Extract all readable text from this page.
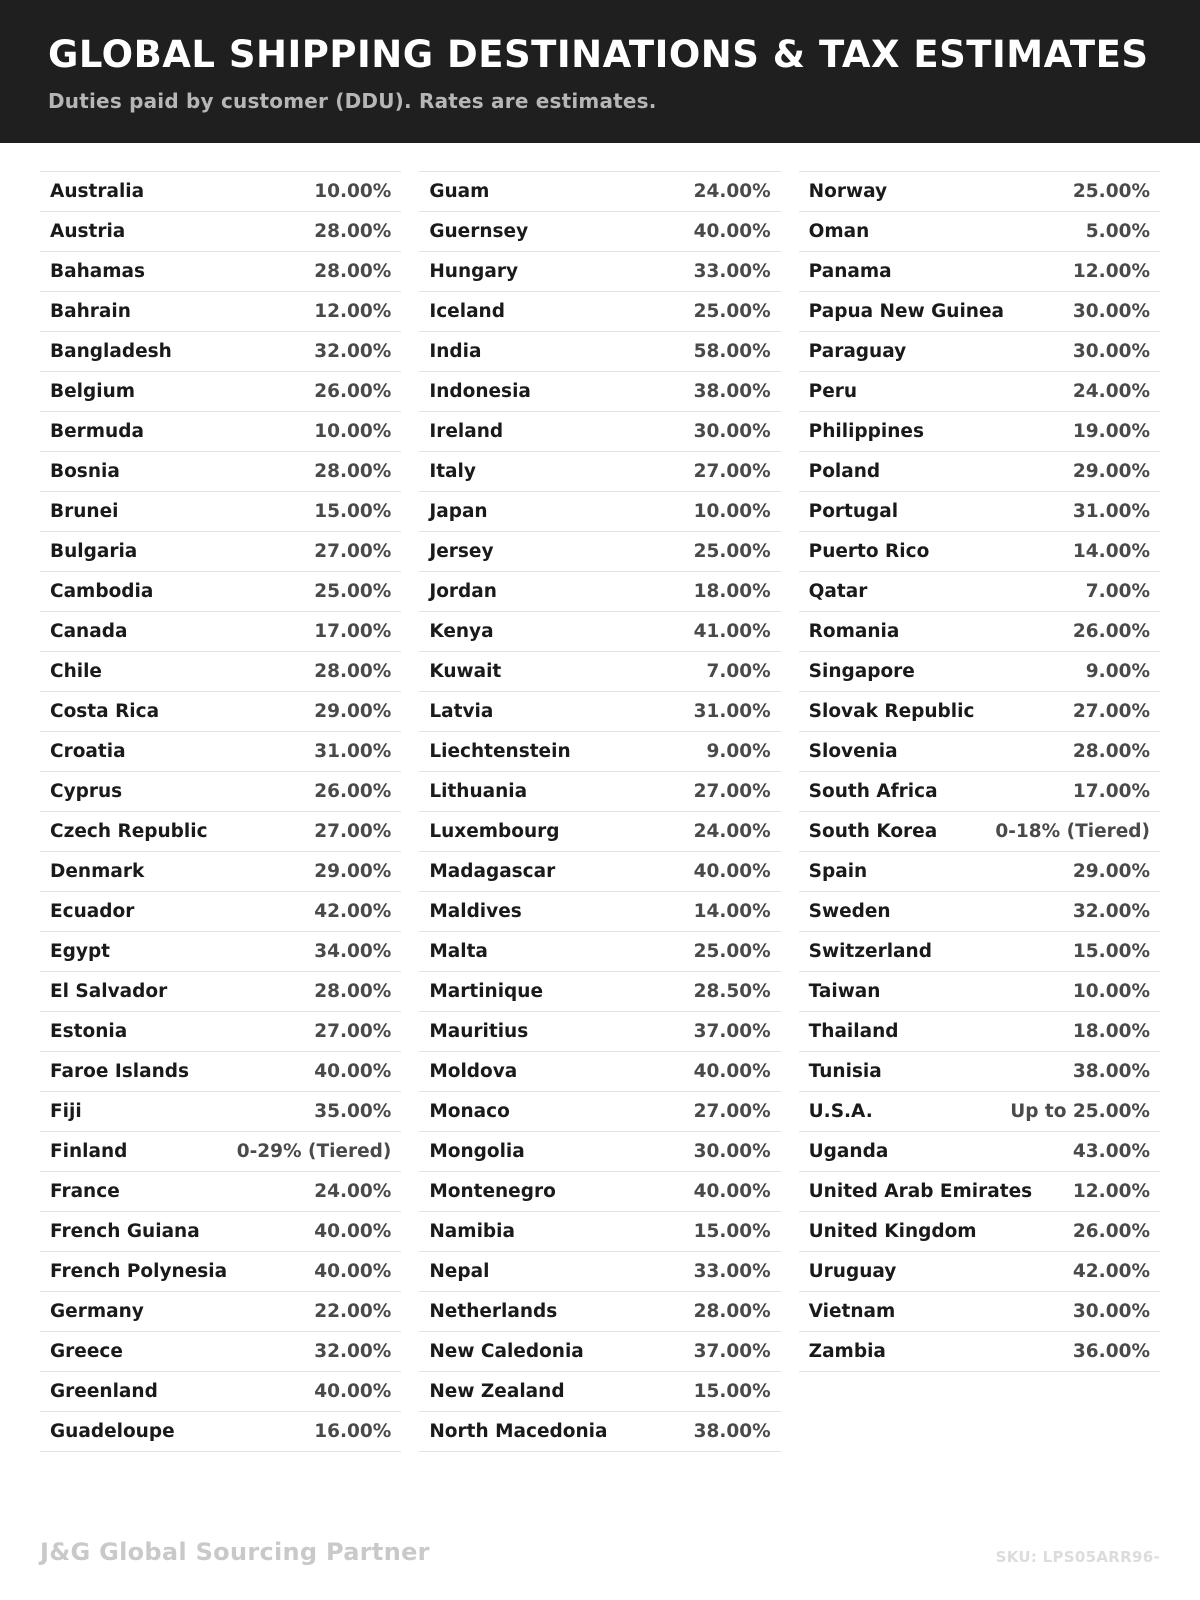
GLOBAL SHIPPING DESTINATIONS & TAX ESTIMATES
Duties paid by customer (DDU). Rates are estimates.
Australia	10.00%
Austria	28.00%
Bahamas	28.00%
Bahrain	12.00%
Bangladesh	32.00%
Belgium	26.00%
Bermuda	10.00%
Bosnia	28.00%
Brunei	15.00%
Bulgaria	27.00%
Cambodia	25.00%
Canada	17.00%
Chile	28.00%
Costa Rica	29.00%
Croatia	31.00%
Cyprus	26.00%
Czech Republic	27.00%
Denmark	29.00%
Ecuador	42.00%
Egypt	34.00%
El Salvador	28.00%
Estonia	27.00%
Faroe Islands	40.00%
Fiji	35.00%
Finland	0-29% (Tiered)
France	24.00%
French Guiana	40.00%
French Polynesia	40.00%
Germany	22.00%
Greece	32.00%
Greenland	40.00%
Guadeloupe	16.00%
Guam	24.00%
Guernsey	40.00%
Hungary	33.00%
Iceland	25.00%
India	58.00%
Indonesia	38.00%
Ireland	30.00%
Italy	27.00%
Japan	10.00%
Jersey	25.00%
Jordan	18.00%
Kenya	41.00%
Kuwait	7.00%
Latvia	31.00%
Liechtenstein	9.00%
Lithuania	27.00%
Luxembourg	24.00%
Madagascar	40.00%
Maldives	14.00%
Malta	25.00%
Martinique	28.50%
Mauritius	37.00%
Moldova	40.00%
Monaco	27.00%
Mongolia	30.00%
Montenegro	40.00%
Namibia	15.00%
Nepal	33.00%
Netherlands	28.00%
New Caledonia	37.00%
New Zealand	15.00%
North Macedonia	38.00%
Norway	25.00%
Oman	5.00%
Panama	12.00%
Papua New Guinea	30.00%
Paraguay	30.00%
Peru	24.00%
Philippines	19.00%
Poland	29.00%
Portugal	31.00%
Puerto Rico	14.00%
Qatar	7.00%
Romania	26.00%
Singapore	9.00%
Slovak Republic	27.00%
Slovenia	28.00%
South Africa	17.00%
South Korea	0-18% (Tiered)
Spain	29.00%
Sweden	32.00%
Switzerland	15.00%
Taiwan	10.00%
Thailand	18.00%
Tunisia	38.00%
U.S.A.	Up to 25.00%
Uganda	43.00%
United Arab Emirates 12.00%
United Kingdom	26.00%
Uruguay	42.00%
Vietnam	30.00%
Zambia	36.00%
J&G Global Sourcing Partner	SKU: LPS05ARR96-
